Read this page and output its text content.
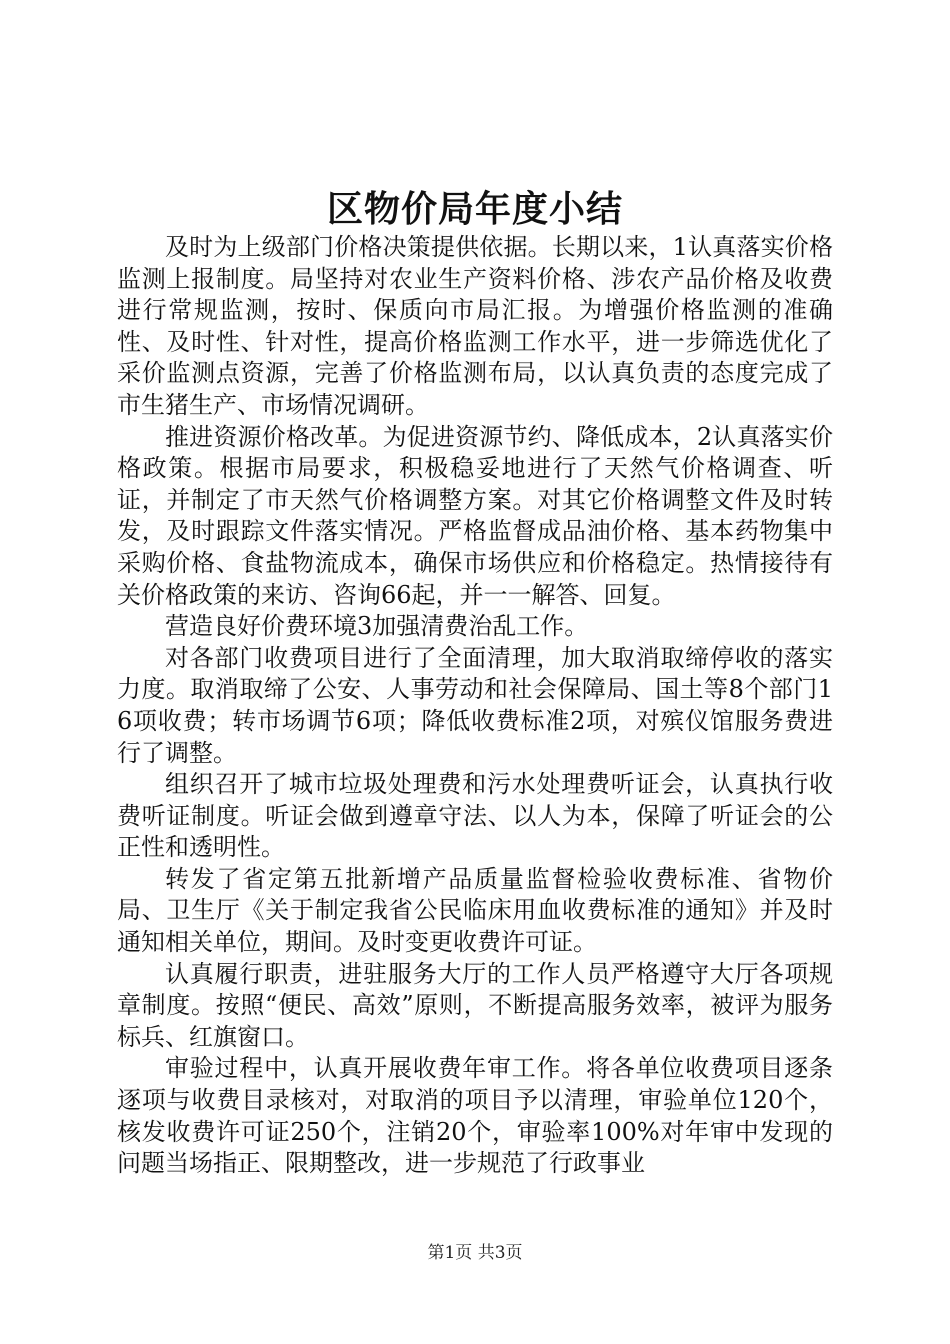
区物价局年度小结

及时为上级部门价格决策提供依据。长期以来，1认真落实价格监测上报制度。局坚持对农业生产资料价格、涉农产品价格及收费进行常规监测，按时、保质向市局汇报。为增强价格监测的准确性、及时性、针对性，提高价格监测工作水平，进一步筛选优化了采价监测点资源，完善了价格监测布局，以认真负责的态度完成了市生猪生产、市场情况调研。

推进资源价格改革。为促进资源节约、降低成本，2认真落实价格政策。根据市局要求，积极稳妥地进行了天然气价格调查、听证，并制定了市天然气价格调整方案。对其它价格调整文件及时转发，及时跟踪文件落实情况。严格监督成品油价格、基本药物集中采购价格、食盐物流成本，确保市场供应和价格稳定。热情接待有关价格政策的来访、咨询66起，并一一解答、回复。

营造良好价费环境3加强清费治乱工作。

对各部门收费项目进行了全面清理，加大取消取缔停收的落实力度。取消取缔了公安、人事劳动和社会保障局、国土等8个部门16项收费；转市场调节6项；降低收费标准2项，对殡仪馆服务费进行了调整。

组织召开了城市垃圾处理费和污水处理费听证会，认真执行收费听证制度。听证会做到遵章守法、以人为本，保障了听证会的公正性和透明性。

转发了省定第五批新增产品质量监督检验收费标准、省物价局、卫生厅《关于制定我省公民临床用血收费标准的通知》并及时通知相关单位，期间。及时变更收费许可证。

认真履行职责，进驻服务大厅的工作人员严格遵守大厅各项规章制度。按照“便民、高效”原则，不断提高服务效率，被评为服务标兵、红旗窗口。

审验过程中，认真开展收费年审工作。将各单位收费项目逐条逐项与收费目录核对，对取消的项目予以清理，审验单位120个，核发收费许可证250个，注销20个，审验率100%对年审中发现的问题当场指正、限期整改，进一步规范了行政事业

第1页 共3页
